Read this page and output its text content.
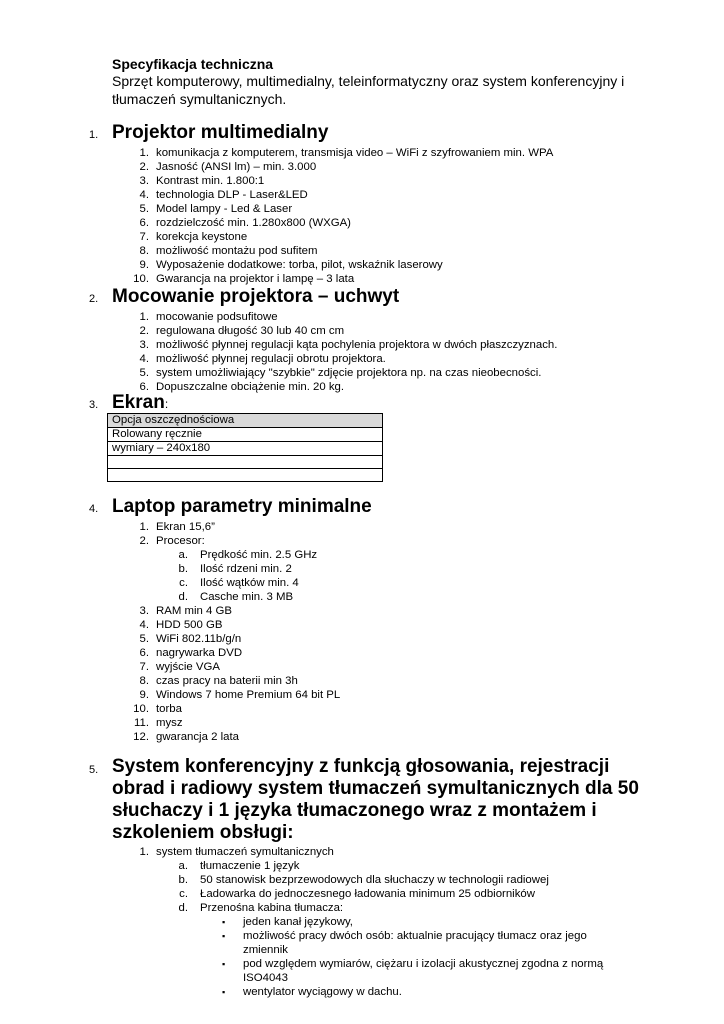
Specyfikacja techniczna
Sprzęt komputerowy, multimedialny, teleinformatyczny oraz system konferencyjny i
tłumaczeń symultanicznych.
1. Projektor multimedialny
1. komunikacja z komputerem, transmisja video – WiFi z szyfrowaniem min. WPA
2. Jasność (ANSI lm) – min. 3.000
3. Kontrast min. 1.800:1
4. technologia DLP - Laser&LED
5. Model lampy - Led & Laser
6. rozdzielczość min. 1.280x800 (WXGA)
7. korekcja keystone
8. możliwość montażu pod sufitem
9. Wyposażenie dodatkowe: torba, pilot, wskaźnik laserowy
10. Gwarancja na projektor i lampę – 3 lata
2. Mocowanie projektora – uchwyt
1. mocowanie podsufitowe
2. regulowana długość 30 lub 40 cm cm
3. możliwość płynnej regulacji kąta pochylenia projektora w dwóch płaszczyznach.
4. możliwość płynnej regulacji obrotu projektora.
5. system umożliwiający "szybkie" zdjęcie projektora np. na czas nieobecności.
6. Dopuszczalne obciążenie min. 20 kg.
3. Ekran:
Opcja oszczędnościowa
Rolowany ręcznie
wymiary – 240x180

4. Laptop parametry minimalne
1. Ekran 15,6”
2. Procesor:
a. Prędkość min. 2.5 GHz
b. Ilość rdzeni min. 2
c. Ilość wątków min. 4
d. Casche min. 3 MB
3. RAM min 4 GB
4. HDD 500 GB
5. WiFi 802.11b/g/n
6. nagrywarka DVD
7. wyjście VGA
8. czas pracy na baterii min 3h
9. Windows 7 home Premium 64 bit PL
10. torba
11. mysz
12. gwarancja 2 lata
5. System konferencyjny z funkcją głosowania, rejestracji
obrad i radiowy system tłumaczeń symultanicznych dla 50
słuchaczy i 1 języka tłumaczonego wraz z montażem i
szkoleniem obsługi:
1. system tłumaczeń symultanicznych
a. tłumaczenie 1 język
b. 50 stanowisk bezprzewodowych dla słuchaczy w technologii radiowej
c. Ładowarka do jednoczesnego ładowania minimum 25 odbiorników
d. Przenośna kabina tłumacza:
▪ jeden kanał językowy,
▪ możliwość pracy dwóch osób: aktualnie pracujący tłumacz oraz jego
zmiennik
▪ pod względem wymiarów, ciężaru i izolacji akustycznej zgodna z normą
ISO4043
▪ wentylator wyciągowy w dachu.
